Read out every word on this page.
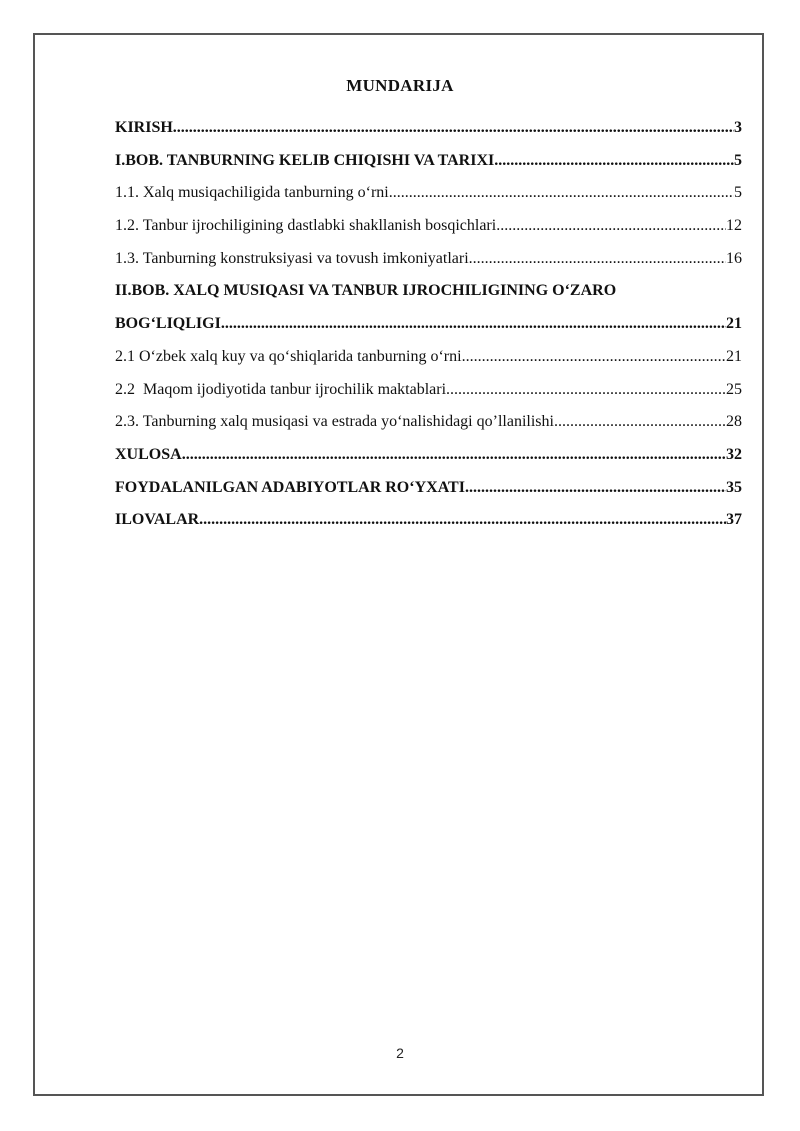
MUNDARIJA
KIRISH .....	3
I.BOB. TANBURNING KELIB CHIQISHI VA TARIXI .....	5
1.1. Xalq musiqachiligida tanburning o‘rni .....	5
1.2. Tanbur ijrochiligining dastlabki shakllanish bosqichlari .....	12
1.3. Tanburning konstruksiyasi va tovush imkoniyatlari .....	16
II.BOB. XALQ MUSIQASI VA TANBUR IJROCHILIGINING O‘ZARO
BOG‘LIQLIGI .....	21
2.1 O‘zbek xalq kuy va qo‘shiqlarida tanburning o‘rni .....	21
2.2  Maqom ijodiyotida tanbur ijrochilik maktablari .....	25
2.3. Tanburning xalq musiqasi va estrada yo‘nalishidagi qo’llanilishi .....	28
XULOSA .....	32
FOYDALANILGAN ADABIYOTLAR RO‘YXATI .....	35
ILOVALAR .....	37
2
